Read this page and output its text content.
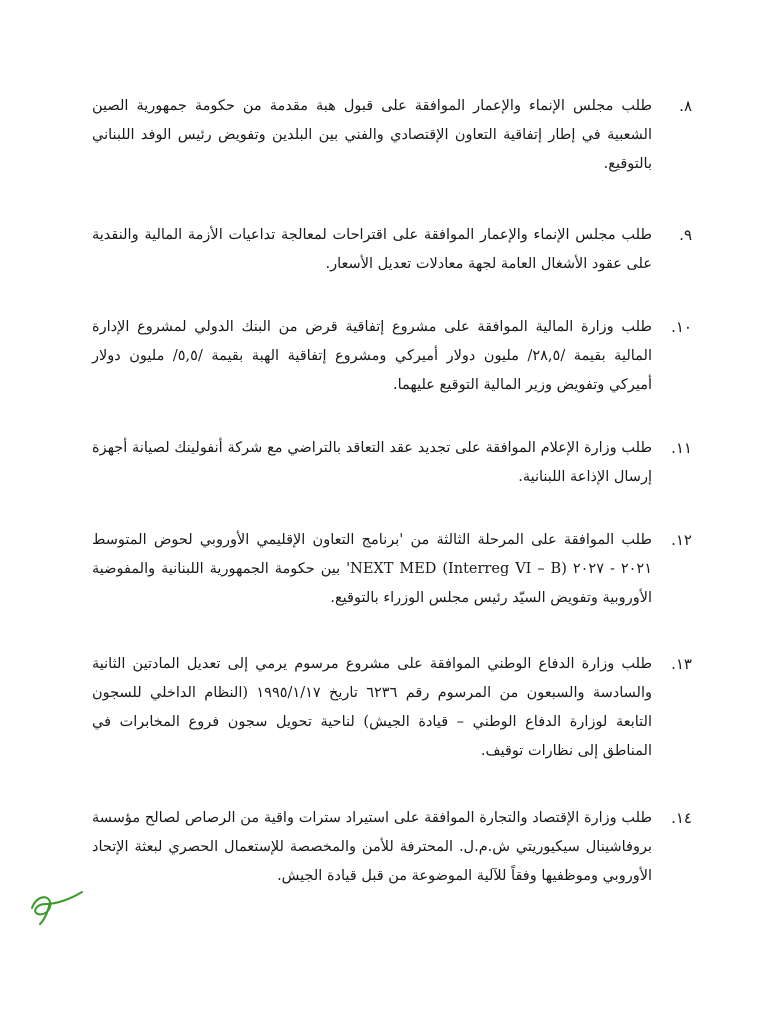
٨.
طلب مجلس الإنماء والإعمار الموافقة على قبول هبة مقدمة من حكومة جمهورية الصين الشعبية في إطار إتفاقية التعاون الإقتصادي والفني بين البلدين وتفويض رئيس الوفد اللبناني بالتوقيع.
٩.
طلب مجلس الإنماء والإعمار الموافقة على اقتراحات لمعالجة تداعيات الأزمة المالية والنقدية على عقود الأشغال العامة لجهة معادلات تعديل الأسعار.
١٠.
طلب وزارة المالية الموافقة على مشروع إتفاقية قرض من البنك الدولي لمشروع الإدارة المالية بقيمة /٢٨,٥/ مليون دولار أميركي ومشروع إتفاقية الهبة بقيمة /٥,٥/ مليون دولار أميركي وتفويض وزير المالية التوقيع عليهما.
١١.
طلب وزارة الإعلام الموافقة على تجديد عقد التعاقد بالتراضي مع شركة أنفولينك لصيانة أجهزة إرسال الإذاعة اللبنانية.
١٢.
طلب الموافقة على المرحلة الثالثة من 'برنامج التعاون الإقليمي الأوروبي لحوض المتوسط ٢٠٢١ - ٢٠٢٧ (Interreg VI – B) NEXT MED' بين حكومة الجمهورية اللبنانية والمفوضية الأوروبية وتفويض السيّد رئيس مجلس الوزراء بالتوقيع.
١٣.
طلب وزارة الدفاع الوطني الموافقة على مشروع مرسوم يرمي إلى تعديل المادتين الثانية والسادسة والسبعون من المرسوم رقم ٦٢٣٦ تاريخ ١٩٩٥/١/١٧ (النظام الداخلي للسجون التابعة لوزارة الدفاع الوطني – قيادة الجيش) لناحية تحويل سجون فروع المخابرات في المناطق إلى نظارات توقيف.
١٤.
طلب وزارة الإقتصاد والتجارة الموافقة على استيراد سترات واقية من الرصاص لصالح مؤسسة بروفاشينال سيكيوريتي ش.م.ل. المحترفة للأمن والمخصصة للإستعمال الحصري لبعثة الإتحاد الأوروبي وموظفيها وفقاً للآلية الموضوعة من قبل قيادة الجيش.
